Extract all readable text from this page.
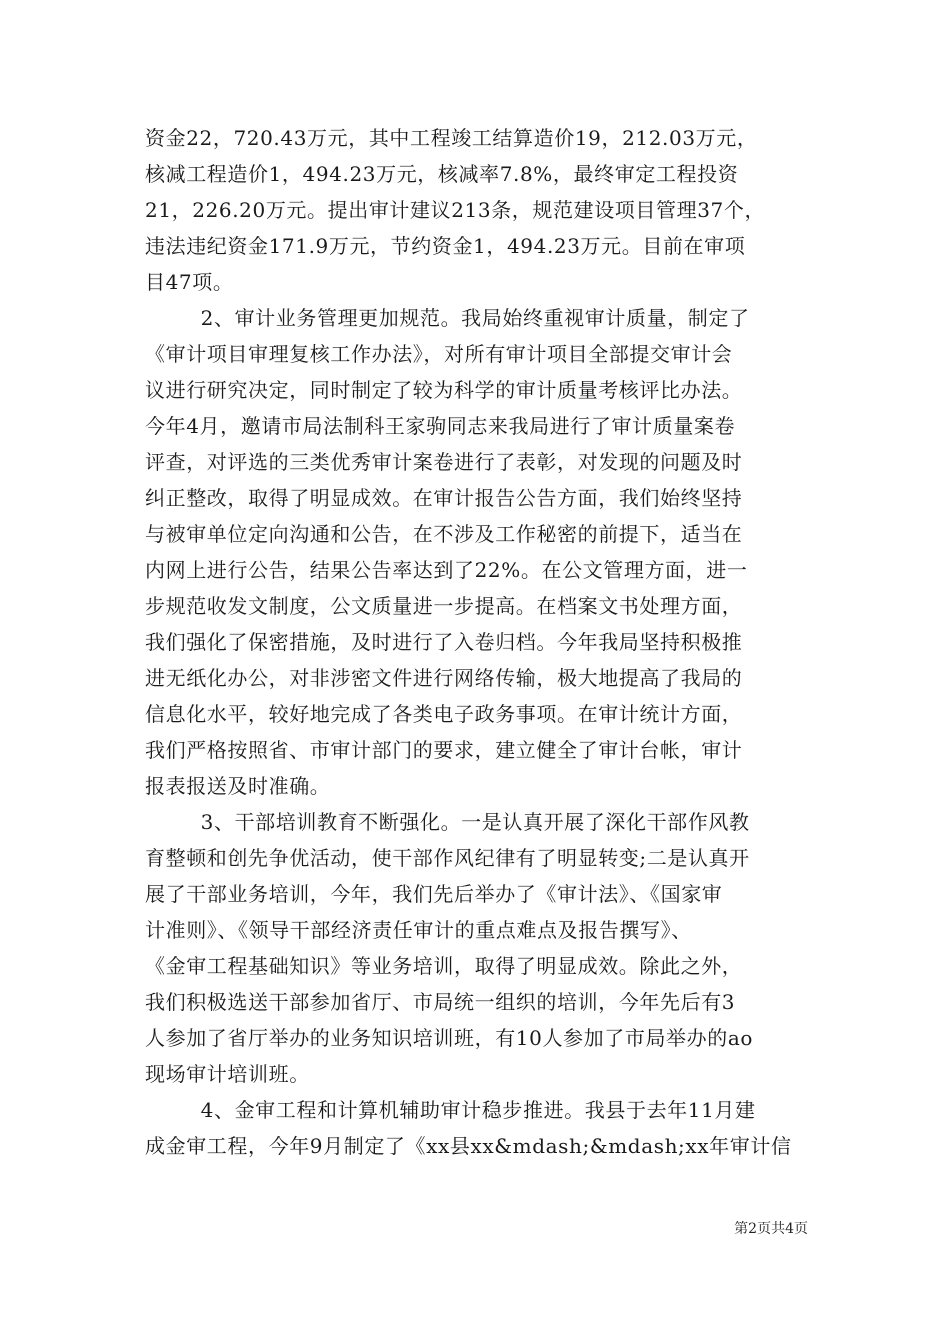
资金22，720.43万元，其中工程竣工结算造价19，212.03万元，
核减工程造价1，494.23万元，核减率7.8%，最终审定工程投资
21，226.20万元。提出审计建议213条，规范建设项目管理37个，
违法违纪资金171.9万元，节约资金1，494.23万元。目前在审项
目47项。
2、审计业务管理更加规范。我局始终重视审计质量，制定了
《审计项目审理复核工作办法》，对所有审计项目全部提交审计会
议进行研究决定，同时制定了较为科学的审计质量考核评比办法。
今年4月，邀请市局法制科王家驹同志来我局进行了审计质量案卷
评查，对评选的三类优秀审计案卷进行了表彰，对发现的问题及时
纠正整改，取得了明显成效。在审计报告公告方面，我们始终坚持
与被审单位定向沟通和公告，在不涉及工作秘密的前提下，适当在
内网上进行公告，结果公告率达到了22%。在公文管理方面，进一
步规范收发文制度，公文质量进一步提高。在档案文书处理方面，
我们强化了保密措施，及时进行了入卷归档。今年我局坚持积极推
进无纸化办公，对非涉密文件进行网络传输，极大地提高了我局的
信息化水平，较好地完成了各类电子政务事项。在审计统计方面，
我们严格按照省、市审计部门的要求，建立健全了审计台帐，审计
报表报送及时准确。
3、干部培训教育不断强化。一是认真开展了深化干部作风教
育整顿和创先争优活动，使干部作风纪律有了明显转变;二是认真开
展了干部业务培训，今年，我们先后举办了《审计法》、《国家审
计准则》、《领导干部经济责任审计的重点难点及报告撰写》、
《金审工程基础知识》等业务培训，取得了明显成效。除此之外，
我们积极选送干部参加省厅、市局统一组织的培训，今年先后有3
人参加了省厅举办的业务知识培训班，有10人参加了市局举办的ao
现场审计培训班。
4、金审工程和计算机辅助审计稳步推进。我县于去年11月建
成金审工程，今年9月制定了《xx县xx&mdash;&mdash;xx年审计信
第2页共4页
